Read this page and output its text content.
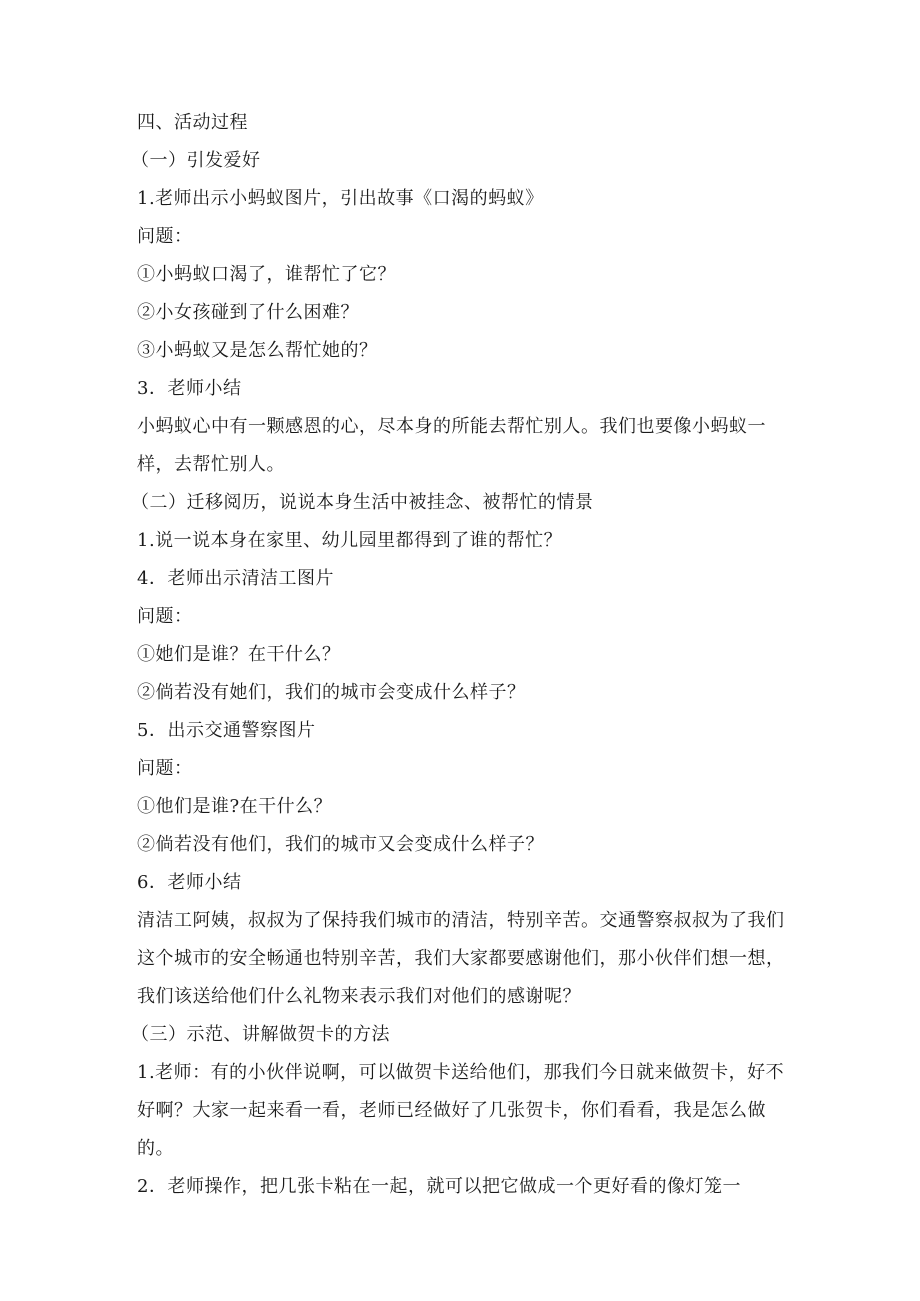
四、活动过程
（一）引发爱好
1.老师出示小蚂蚁图片，引出故事《口渴的蚂蚁》
问题：
①小蚂蚁口渴了，谁帮忙了它？
②小女孩碰到了什么困难？
③小蚂蚁又是怎么帮忙她的？
3．老师小结
小蚂蚁心中有一颗感恩的心，尽本身的所能去帮忙别人。我们也要像小蚂蚁一样，去帮忙别人。
（二）迁移阅历，说说本身生活中被挂念、被帮忙的情景
1.说一说本身在家里、幼儿园里都得到了谁的帮忙？
4．老师出示清洁工图片
问题：
①她们是谁？在干什么？
②倘若没有她们，我们的城市会变成什么样子？
5．出示交通警察图片
问题：
①他们是谁?在干什么？
②倘若没有他们，我们的城市又会变成什么样子？
6．老师小结
清洁工阿姨，叔叔为了保持我们城市的清洁，特别辛苦。交通警察叔叔为了我们这个城市的安全畅通也特别辛苦，我们大家都要感谢他们，那小伙伴们想一想，我们该送给他们什么礼物来表示我们对他们的感谢呢？
（三）示范、讲解做贺卡的方法
1.老师：有的小伙伴说啊，可以做贺卡送给他们，那我们今日就来做贺卡，好不好啊？大家一起来看一看，老师已经做好了几张贺卡，你们看看，我是怎么做的。
2．老师操作，把几张卡粘在一起，就可以把它做成一个更好看的像灯笼一
